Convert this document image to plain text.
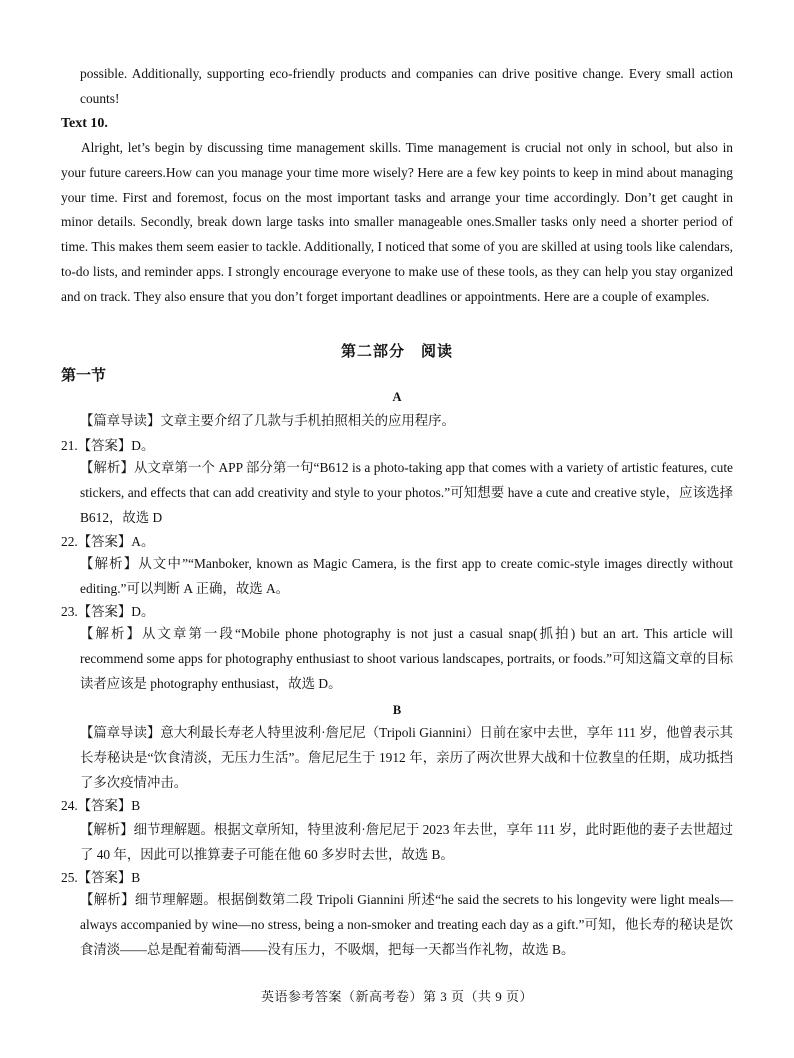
possible. Additionally, supporting eco-friendly products and companies can drive positive change. Every small action counts!

Text 10.

Alright, let’s begin by discussing time management skills. Time management is crucial not only in school, but also in your future careers.How can you manage your time more wisely? Here are a few key points to keep in mind about managing your time. First and foremost, focus on the most important tasks and arrange your time accordingly. Don’t get caught in minor details. Secondly, break down large tasks into smaller manageable ones.Smaller tasks only need a shorter period of time. This makes them seem easier to tackle. Additionally, I noticed that some of you are skilled at using tools like calendars, to-do lists, and reminder apps. I strongly encourage everyone to make use of these tools, as they can help you stay organized and on track. They also ensure that you don’t forget important deadlines or appointments. Here are a couple of examples.

第二部分　阅读

第一节

A

【篇章导读】文章主要介绍了几款与手机拍照相关的应用程序。

21.【答案】D。

【解析】从文章第一个 APP 部分第一句“B612 is a photo-taking app that comes with a variety of artistic features, cute stickers, and effects that can add creativity and style to your photos.”可知想要 have a cute and creative style，应该选择 B612，故选 D

22.【答案】A。

【解析】从文中”“Manboker, known as Magic Camera, is the first app to create comic-style images directly without editing.”可以判断 A 正确，故选 A。

23.【答案】D。

【解析】从文章第一段“Mobile phone photography is not just a casual snap(抓拍) but an art. This article will recommend some apps for photography enthusiast to shoot various landscapes, portraits, or foods.”可知这篇文章的目标读者应该是 photography enthusiast，故选 D。

B

【篇章导读】意大利最长寿老人特里波利·詹尼尼（Tripoli Giannini）日前在家中去世，享年 111 岁，他曾表示其长寿秘诀是“饮食清淡，无压力生活”。詹尼尼生于 1912 年，亲历了两次世界大战和十位教皇的任期，成功抵挡了多次疫情冲击。

24.【答案】B

【解析】细节理解题。根据文章所知，特里波利·詹尼尼于 2023 年去世，享年 111 岁，此时距他的妻子去世超过了 40 年，因此可以推算妻子可能在他 60 多岁时去世，故选 B。

25.【答案】B

【解析】细节理解题。根据倒数第二段 Tripoli Giannini 所述“he said the secrets to his longevity were light meals—always accompanied by wine—no stress, being a non-smoker and treating each day as a gift.”可知，他长寿的秘诀是饮食清淡——总是配着葡萄酒——没有压力，不吸烟，把每一天都当作礼物，故选 B。

英语参考答案（新高考卷）第 3 页（共 9 页）
